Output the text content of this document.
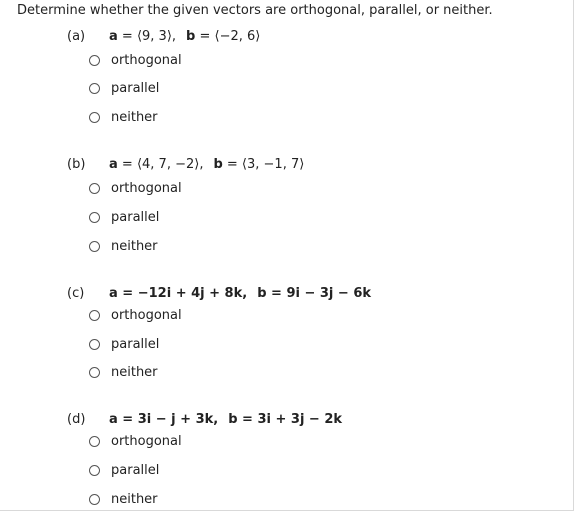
Determine whether the given vectors are orthogonal, parallel, or neither.
(a) a = ⟨9, 3⟩, b = ⟨−2, 6⟩
orthogonal
parallel
neither
(b) a = ⟨4, 7, −2⟩, b = ⟨3, −1, 7⟩
orthogonal
parallel
neither
(c) a = −12i + 4j + 8k, b = 9i − 3j − 6k
orthogonal
parallel
neither
(d) a = 3i − j + 3k, b = 3i + 3j − 2k
orthogonal
parallel
neither
